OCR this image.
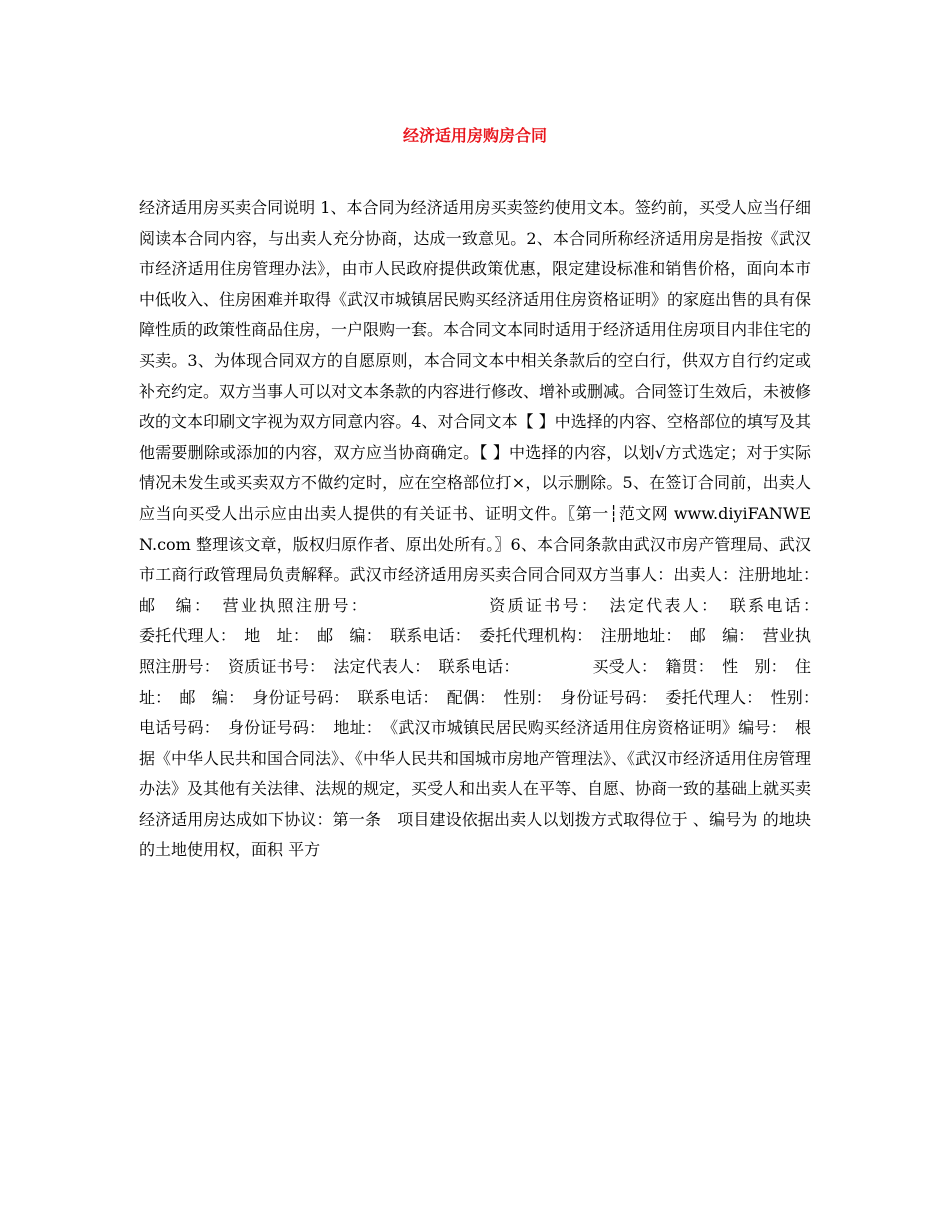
经济适用房购房合同

经济适用房买卖合同说明 1、本合同为经济适用房买卖签约使用文本。签约前，买受人应当仔细阅读本合同内容，与出卖人充分协商，达成一致意见。2、本合同所称经济适用房是指按《武汉市经济适用住房管理办法》，由市人民政府提供政策优惠，限定建设标准和销售价格，面向本市中低收入、住房困难并取得《武汉市城镇居民购买经济适用住房资格证明》的家庭出售的具有保障性质的政策性商品住房，一户限购一套。本合同文本同时适用于经济适用住房项目内非住宅的买卖。3、为体现合同双方的自愿原则，本合同文本中相关条款后的空白行，供双方自行约定或补充约定。双方当事人可以对文本条款的内容进行修改、增补或删减。合同签订生效后，未被修改的文本印刷文字视为双方同意内容。4、对合同文本【 】中选择的内容、空格部位的填写及其他需要删除或添加的内容，双方应当协商确定。【 】中选择的内容，以划√方式选定；对于实际情况未发生或买卖双方不做约定时，应在空格部位打×，以示删除。5、在签订合同前，出卖人应当向买受人出示应由出卖人提供的有关证书、证明文件。〖第一┆范文网 www.diyiFANWEN.com 整理该文章，版权归原作者、原出处所有。〗6、本合同条款由武汉市房产管理局、武汉市工商行政管理局负责解释。武汉市经济适用房买卖合同合同双方当事人：出卖人：注册地址：　邮　编：　营业执照注册号：　　　　　　　资质证书号：　法定代表人：　联系电话：　　　　　委托代理人：　地　址：　邮　编：　联系电话：　委托代理机构：　注册地址：　邮　编：　营业执照注册号：　资质证书号：　法定代表人：　联系电话：　　　　　买受人：　籍贯：　性　别：　住　址：　邮　编：　身份证号码：　联系电话：　配偶：　性别：　身份证号码：　委托代理人：　性别：　电话号码：　身份证号码：　地址：　《武汉市城镇民居民购买经济适用住房资格证明》编号：　根据《中华人民共和国合同法》、《中华人民共和国城市房地产管理法》、《武汉市经济适用住房管理办法》及其他有关法律、法规的规定，买受人和出卖人在平等、自愿、协商一致的基础上就买卖经济适用房达成如下协议：第一条　项目建设依据出卖人以划拨方式取得位于 、编号为 的地块的土地使用权，面积 平方
